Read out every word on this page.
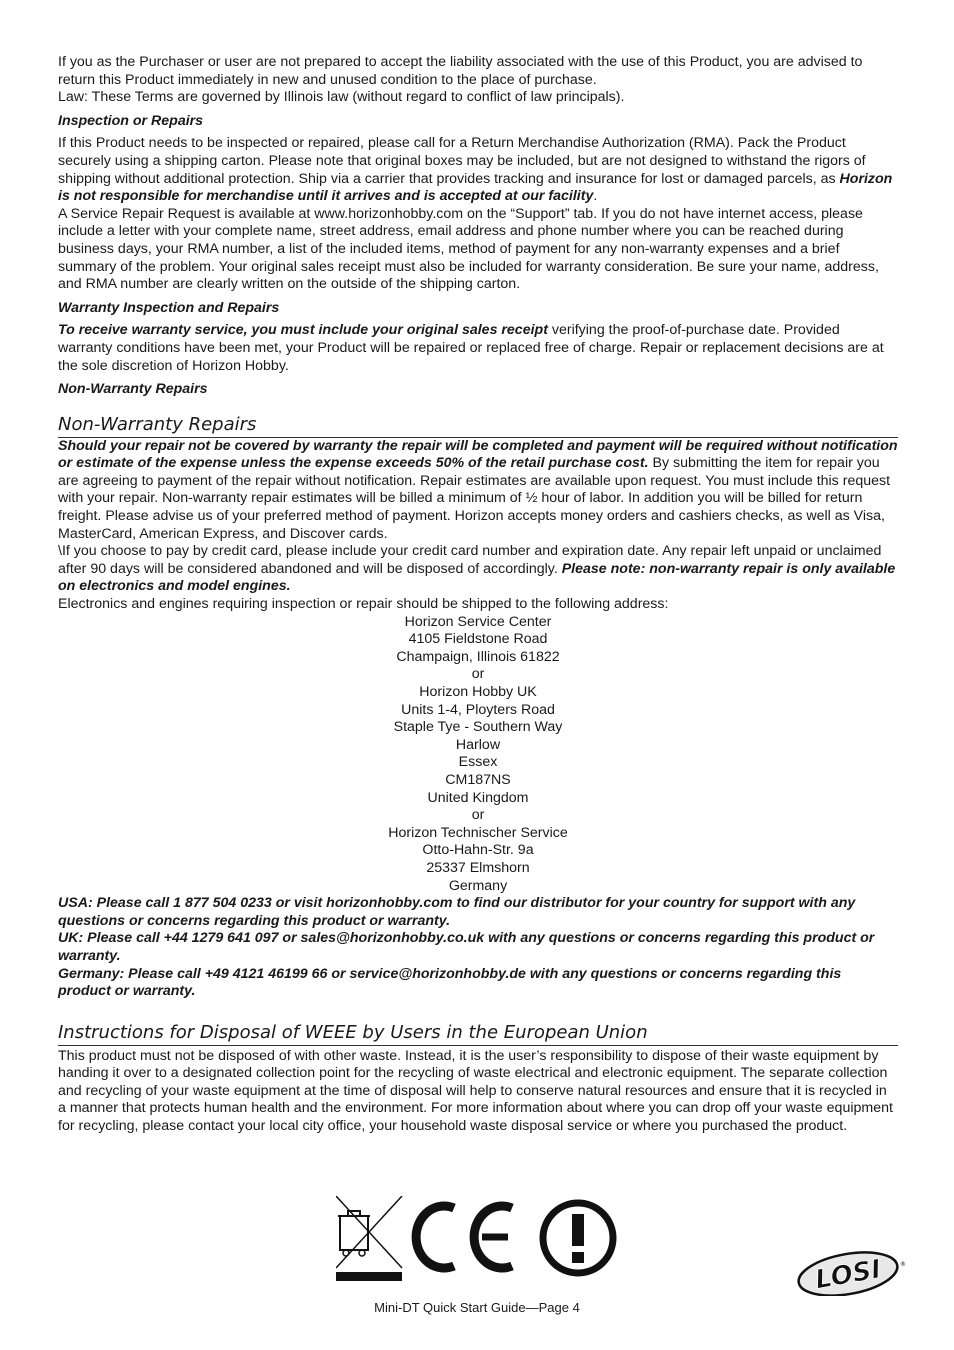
If you as the Purchaser or user are not prepared to accept the liability associated with the use of this Product, you are advised to return this Product immediately in new and unused condition to the place of purchase.

Law: These Terms are governed by Illinois law (without regard to conflict of law principals).

Inspection or Repairs

If this Product needs to be inspected or repaired, please call for a Return Merchandise Authorization (RMA). Pack the Product securely using a shipping carton. Please note that original boxes may be included, but are not designed to withstand the rigors of shipping without additional protection. Ship via a carrier that provides tracking and insurance for lost or damaged parcels, as Horizon is not responsible for merchandise until it arrives and is accepted at our facility.

A Service Repair Request is available at www.horizonhobby.com on the “Support” tab. If you do not have internet access, please include a letter with your complete name, street address, email address and phone number where you can be reached during business days, your RMA number, a list of the included items, method of payment for any non-warranty expenses and a brief summary of the problem. Your original sales receipt must also be included for warranty consideration. Be sure your name, address, and RMA number are clearly written on the outside of the shipping carton.

Warranty Inspection and Repairs

To receive warranty service, you must include your original sales receipt verifying the proof-of-purchase date. Provided warranty conditions have been met, your Product will be repaired or replaced free of charge. Repair or replacement decisions are at the sole discretion of Horizon Hobby.

Non-Warranty Repairs

Non-Warranty Repairs

Should your repair not be covered by warranty the repair will be completed and payment will be required without notification or estimate of the expense unless the expense exceeds 50% of the retail purchase cost. By submitting the item for repair you are agreeing to payment of the repair without notification. Repair estimates are available upon request. You must include this request with your repair. Non-warranty repair estimates will be billed a minimum of ½ hour of labor. In addition you will be billed for return freight. Please advise us of your preferred method of payment. Horizon accepts money orders and cashiers checks, as well as Visa, MasterCard, American Express, and Discover cards.

\If you choose to pay by credit card, please include your credit card number and expiration date. Any repair left unpaid or unclaimed after 90 days will be considered abandoned and will be disposed of accordingly. Please note: non-warranty repair is only available on electronics and model engines.

Electronics and engines requiring inspection or repair should be shipped to the following address:

Horizon Service Center

4105 Fieldstone Road

Champaign, Illinois 61822

or

Horizon Hobby UK

Units 1-4, Ployters Road

Staple Tye - Southern Way

Harlow

Essex

CM187NS

United Kingdom

or

Horizon Technischer Service

Otto-Hahn-Str. 9a

25337 Elmshorn

Germany

USA: Please call 1 877 504 0233 or visit horizonhobby.com to find our distributor for your country for support with any questions or concerns regarding this product or warranty.

UK: Please call +44 1279 641 097 or sales@horizonhobby.co.uk with any questions or concerns regarding this product or warranty.

Germany: Please call +49 4121 46199 66 or service@horizonhobby.de with any questions or concerns regarding this product or warranty.

Instructions for Disposal of WEEE by Users in the European Union

This product must not be disposed of with other waste. Instead, it is the user’s responsibility to dispose of their waste equipment by handing it over to a designated collection point for the recycling of waste electrical and electronic equipment. The separate collection and recycling of your waste equipment at the time of disposal will help to conserve natural resources and ensure that it is recycled in a manner that protects human health and the environment. For more information about where you can drop off your waste equipment for recycling, please contact your local city office, your household waste disposal service or where you purchased the product.

LOSI	®
Mini-DT Quick Start Guide—Page 4
